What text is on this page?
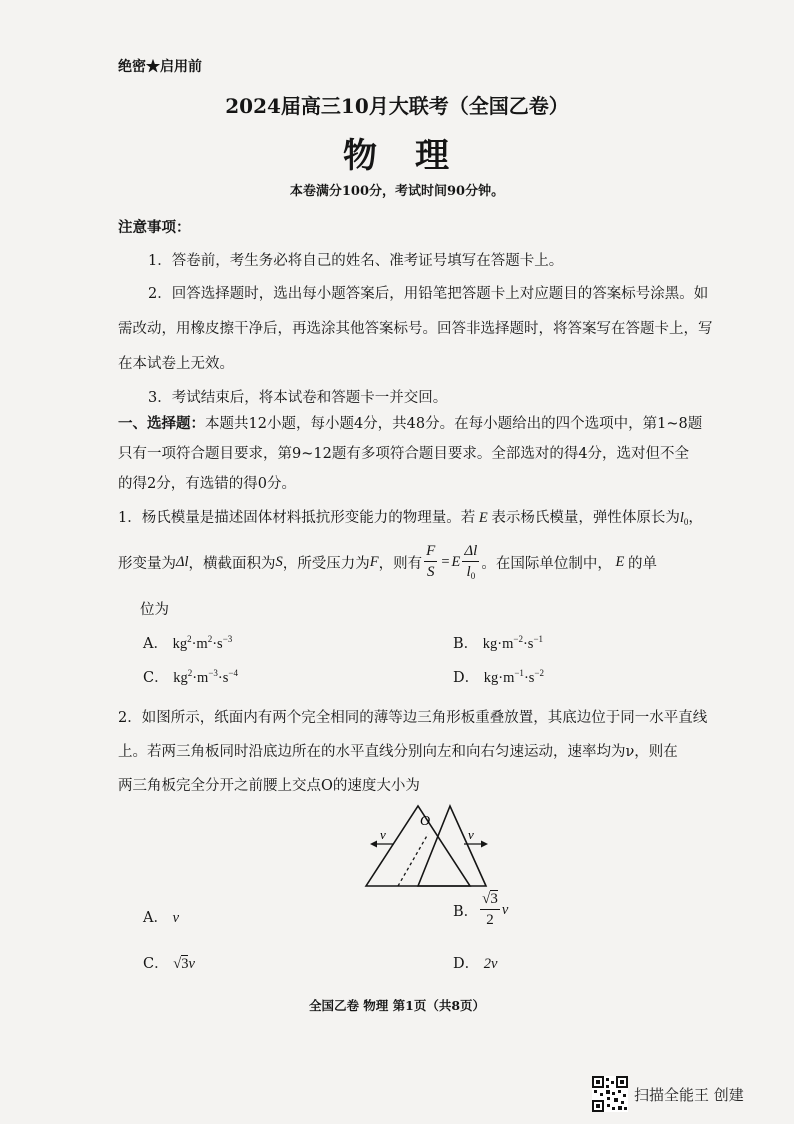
绝密★启用前
2024届高三10月大联考（全国乙卷）
物　理
本卷满分100分，考试时间90分钟。
注意事项：
1．答卷前，考生务必将自己的姓名、准考证号填写在答题卡上。
2．回答选择题时，选出每小题答案后，用铅笔把答题卡上对应题目的答案标号涂黑。如
需改动，用橡皮擦干净后，再选涂其他答案标号。回答非选择题时，将答案写在答题卡上，写
在本试卷上无效。
3．考试结束后，将本试卷和答题卡一并交回。
一、选择题：本题共12小题，每小题4分，共48分。在每小题给出的四个选项中，第1~8题
只有一项符合题目要求，第9~12题有多项符合题目要求。全部选对的得4分，选对但不全
的得2分，有选错的得0分。
1．杨氏模量是描述固体材料抵抗形变能力的物理量。若 E 表示杨氏模量，弹性体原长为$l_0$，
形变量为 Δl ，横截面积为 S ，所受压力为 F ，则有 $\frac{F}{S} = E \frac{\Delta l}{l_0}$ 。在国际单位制中， E 的单
位为
A． $kg^2\cdot m^2\cdot s^{-3}$	B． $kg\cdot m^{-2}\cdot s^{-1}$
C． $kg^2\cdot m^{-3}\cdot s^{-4}$	D． $kg\cdot m^{-1}\cdot s^{-2}$
2．如图所示，纸面内有两个完全相同的薄等边三角形板重叠放置，其底边位于同一水平直线
上。若两三角板同时沿底边所在的水平直线分别向左和向右匀速运动，速率均为ν，则在
两三角板完全分开之前腰上交点O的速度大小为
v	v
O
A． ν	B． $\frac{√3}{2}$ ν
C． √3ν	D． 2ν
全国乙卷 物理 第1页（共8页）
扫描全能王 创建
